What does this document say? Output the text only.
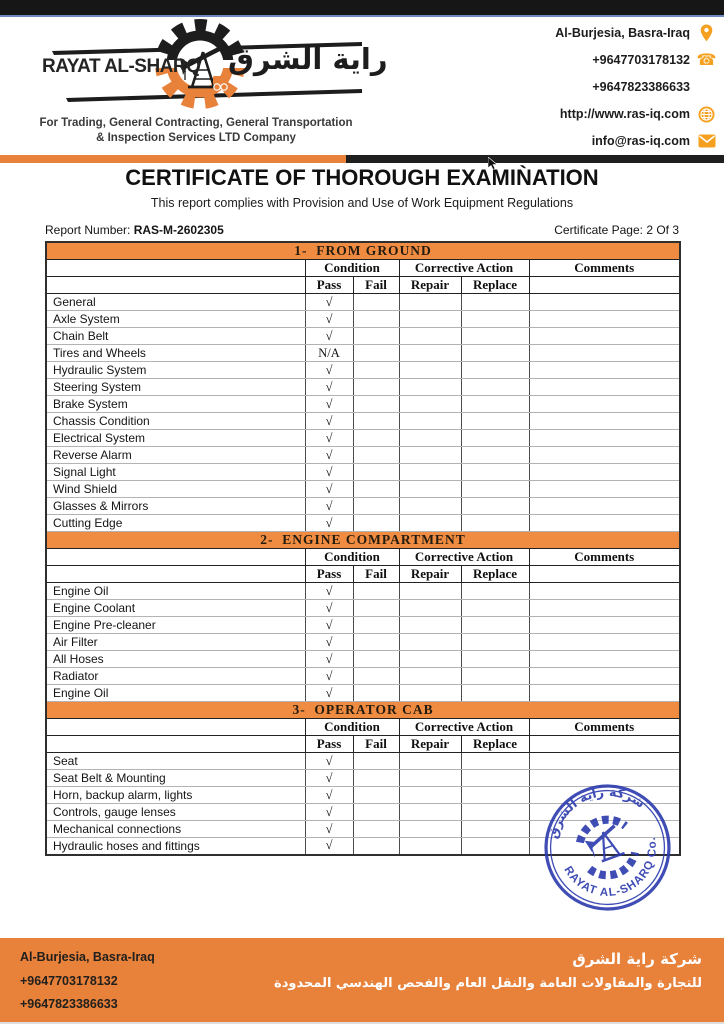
RAYAT AL-SHARQ راية الشرق
For Trading, General Contracting, General Transportation
& Inspection Services LTD Company
Al-Burjesia, Basra-Iraq
+9647703178132 ☎
+9647823386633
http://www.ras-iq.com
info@ras-iq.com
CERTIFICATE OF THOROUGH EXAMIǸATION
This report complies with Provision and Use of Work Equipment Regulations
Report Number: RAS-M-2602305	Certificate Page: 2 Of 3
1-  FROM GROUND					
	Condition		Corrective Action		Comments
	Pass	Fail	Repair	Replace	
General	√				
Axle System	√				
Chain Belt	√				
Tires and Wheels	N/A				
Hydraulic System	√				
Steering System	√				
Brake System	√				
Chassis Condition	√				
Electrical System	√				
Reverse Alarm	√				
Signal Light	√				
Wind Shield	√				
Glasses & Mirrors	√				
Cutting Edge	√				
2-  ENGINE COMPARTMENT					
	Condition		Corrective Action		Comments
	Pass	Fail	Repair	Replace	
Engine Oil	√				
Engine Coolant	√				
Engine Pre-cleaner	√				
Air Filter	√				
All Hoses	√				
Radiator	√				
Engine Oil	√				
3-  OPERATOR CAB					
	Condition		Corrective Action		Comments
	Pass	Fail	Repair	Replace	
Seat	√				
Seat Belt & Mounting	√				
Horn, backup alarm, lights	√				
Controls, gauge lenses	√				
Mechanical connections	√				
Hydraulic hoses and fittings	√				
شركة راية الشرق
RAYAT AL-SHARQ Co.
Al-Burjesia, Basra-Iraq
+9647703178132
+9647823386633
شركة راية الشرق
للتجارة والمقاولات العامة والنقل العام والفحص الهندسي المحدودة
